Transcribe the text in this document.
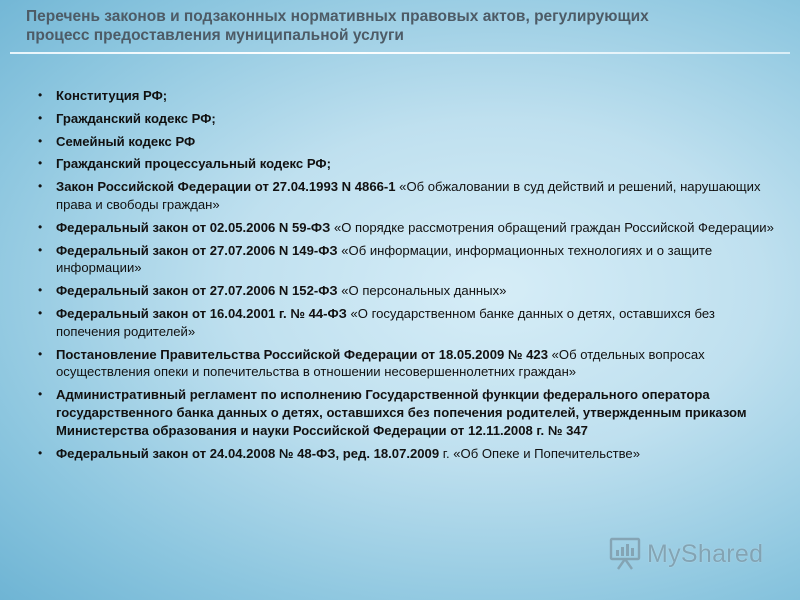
Перечень законов и подзаконных нормативных правовых актов, регулирующих
процесс предоставления муниципальной услуги
• Конституция РФ;
• Гражданский кодекс РФ;
• Семейный кодекс РФ
• Гражданский процессуальный кодекс РФ;
• Закон Российской Федерации от 27.04.1993 N 4866-1 «Об обжаловании в суд действий и решений, нарушающих права и свободы граждан»
• Федеральный закон от 02.05.2006 N 59-ФЗ «О порядке рассмотрения обращений граждан Российской Федерации»
• Федеральный закон от 27.07.2006 N 149-ФЗ «Об информации, информационных технологиях и о защите информации»
• Федеральный закон от 27.07.2006 N 152-ФЗ «О персональных данных»
• Федеральный закон от 16.04.2001 г. № 44-ФЗ «О государственном банке данных о детях, оставшихся без попечения родителей»
• Постановление Правительства Российской Федерации от 18.05.2009 № 423 «Об отдельных вопросах осуществления опеки и попечительства в отношении несовершеннолетних граждан»
• Административный регламент по исполнению Государственной функции федерального оператора государственного банка данных о детях, оставшихся без попечения родителей, утвержденным приказом Министерства образования и науки Российской Федерации от 12.11.2008 г. № 347
• Федеральный закон от 24.04.2008 № 48-ФЗ, ред. 18.07.2009 г. «Об Опеке и Попечительстве»
MyShared
